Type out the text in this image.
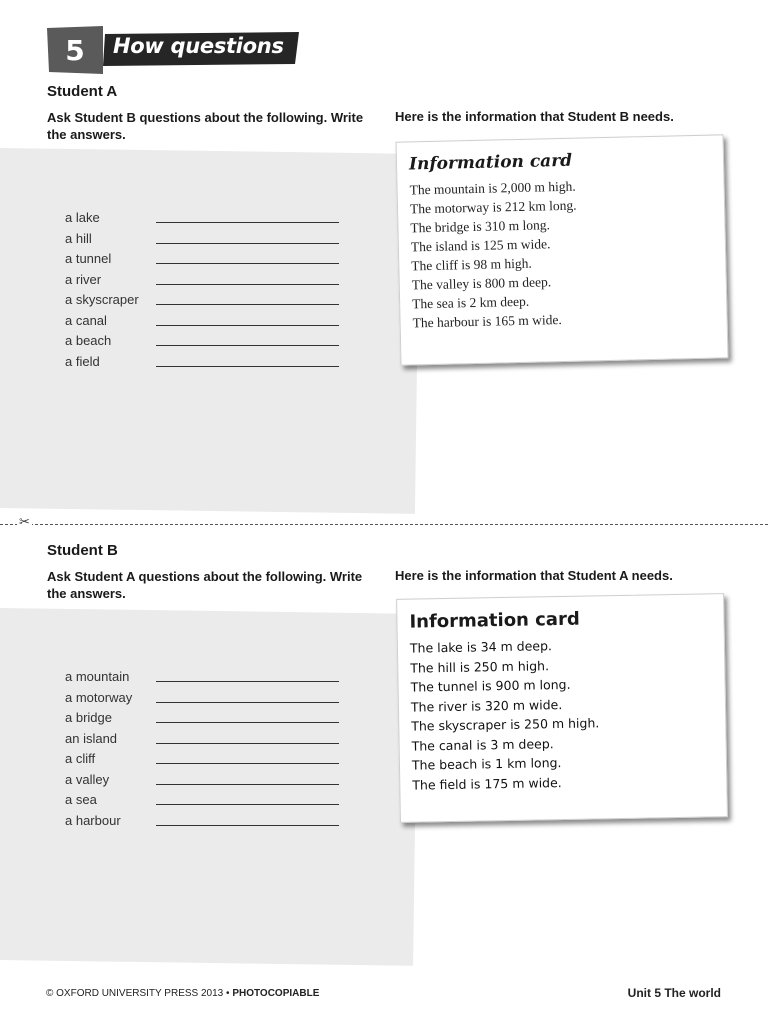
5	How questions
Student A
Ask Student B questions about the following. Write the answers.
Here is the information that Student B needs.
a lake
a hill
a tunnel
a river
a skyscraper
a canal
a beach
a field
Information card
The mountain is 2,000 m high.
The motorway is 212 km long.
The bridge is 310 m long.
The island is 125 m wide.
The cliff is 98 m high.
The valley is 800 m deep.
The sea is 2 km deep.
The harbour is 165 m wide.
✂
Student B
Ask Student A questions about the following. Write the answers.
Here is the information that Student A needs.
a mountain
a motorway
a bridge
an island
a cliff
a valley
a sea
a harbour
Information card
The lake is 34 m deep.
The hill is 250 m high.
The tunnel is 900 m long.
The river is 320 m wide.
The skyscraper is 250 m high.
The canal is 3 m deep.
The beach is 1 km long.
The field is 175 m wide.
© OXFORD UNIVERSITY PRESS 2013 • PHOTOCOPIABLE	Unit 5 The world
